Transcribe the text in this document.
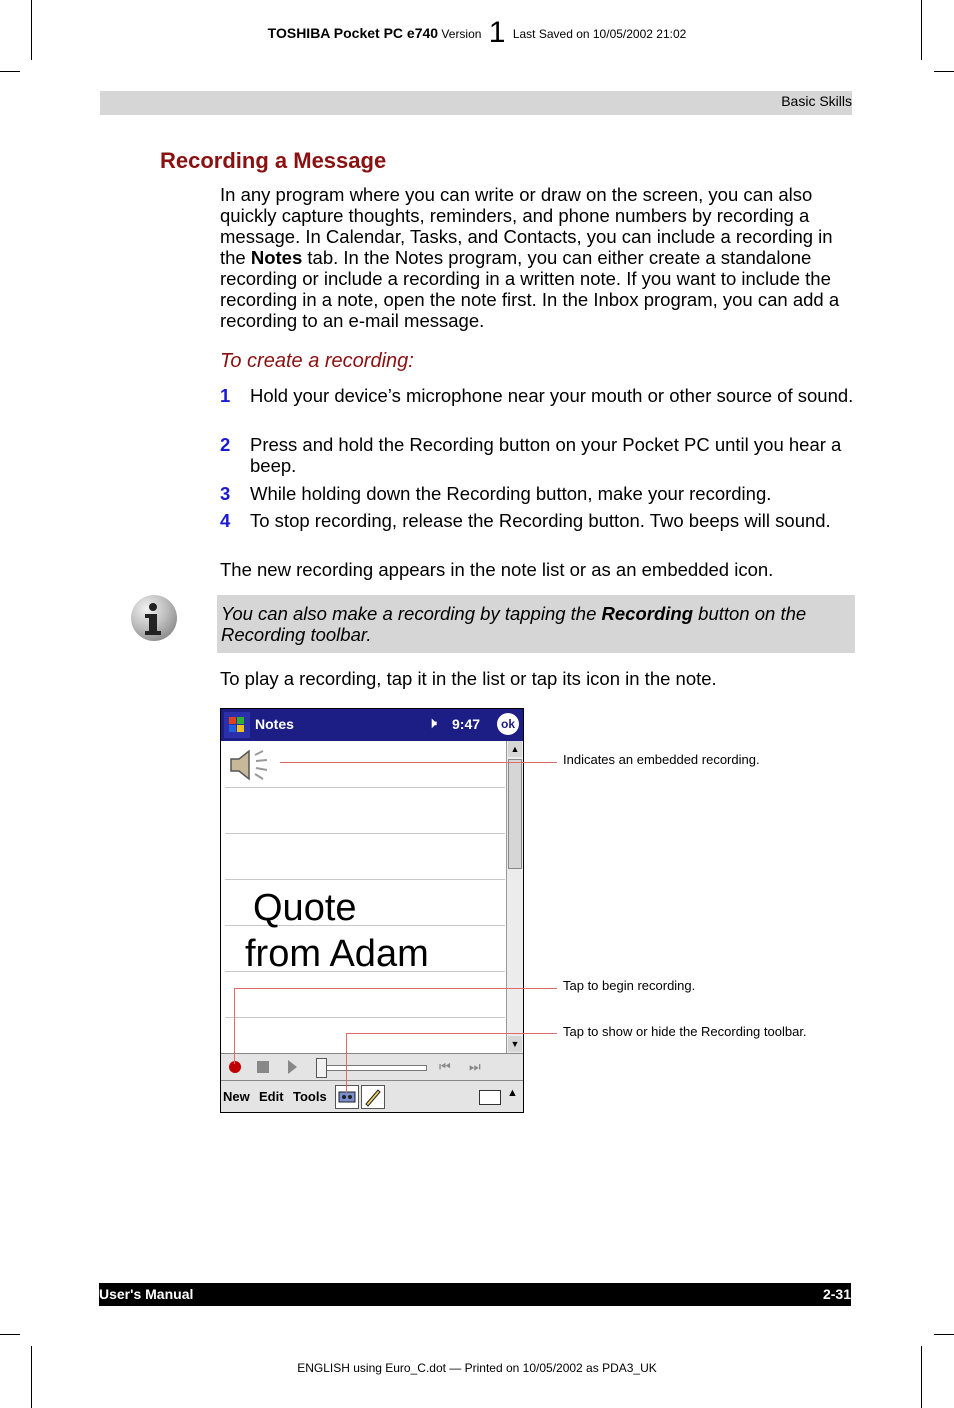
TOSHIBA Pocket PC e740 Version 1 Last Saved on 10/05/2002 21:02
Basic Skills
Recording a Message

In any program where you can write or draw on the screen, you can also quickly capture thoughts, reminders, and phone numbers by recording a message. In Calendar, Tasks, and Contacts, you can include a recording in the Notes tab. In the Notes program, you can either create a standalone recording or include a recording in a written note. If you want to include the recording in a note, open the note first. In the Inbox program, you can add a recording to an e-mail message.

To create a recording:
1 Hold your device’s microphone near your mouth or other source of sound.
2 Press and hold the Recording button on your Pocket PC until you hear a beep.
3 While holding down the Recording button, make your recording.
4 To stop recording, release the Recording button. Two beeps will sound.

The new recording appears in the note list or as an embedded icon.

You can also make a recording by tapping the Recording button on the Recording toolbar.

To play a recording, tap it in the list or tap its icon in the note.

Notes	🕨 9:47	ok
Quote
from Adam
▲
▼
⏮ ⏭
New Edit Tools	▲
Indicates an embedded recording.
Tap to begin recording.
Tap to show or hide the Recording toolbar.
User's Manual	2-31
ENGLISH using Euro_C.dot — Printed on 10/05/2002 as PDA3_UK
